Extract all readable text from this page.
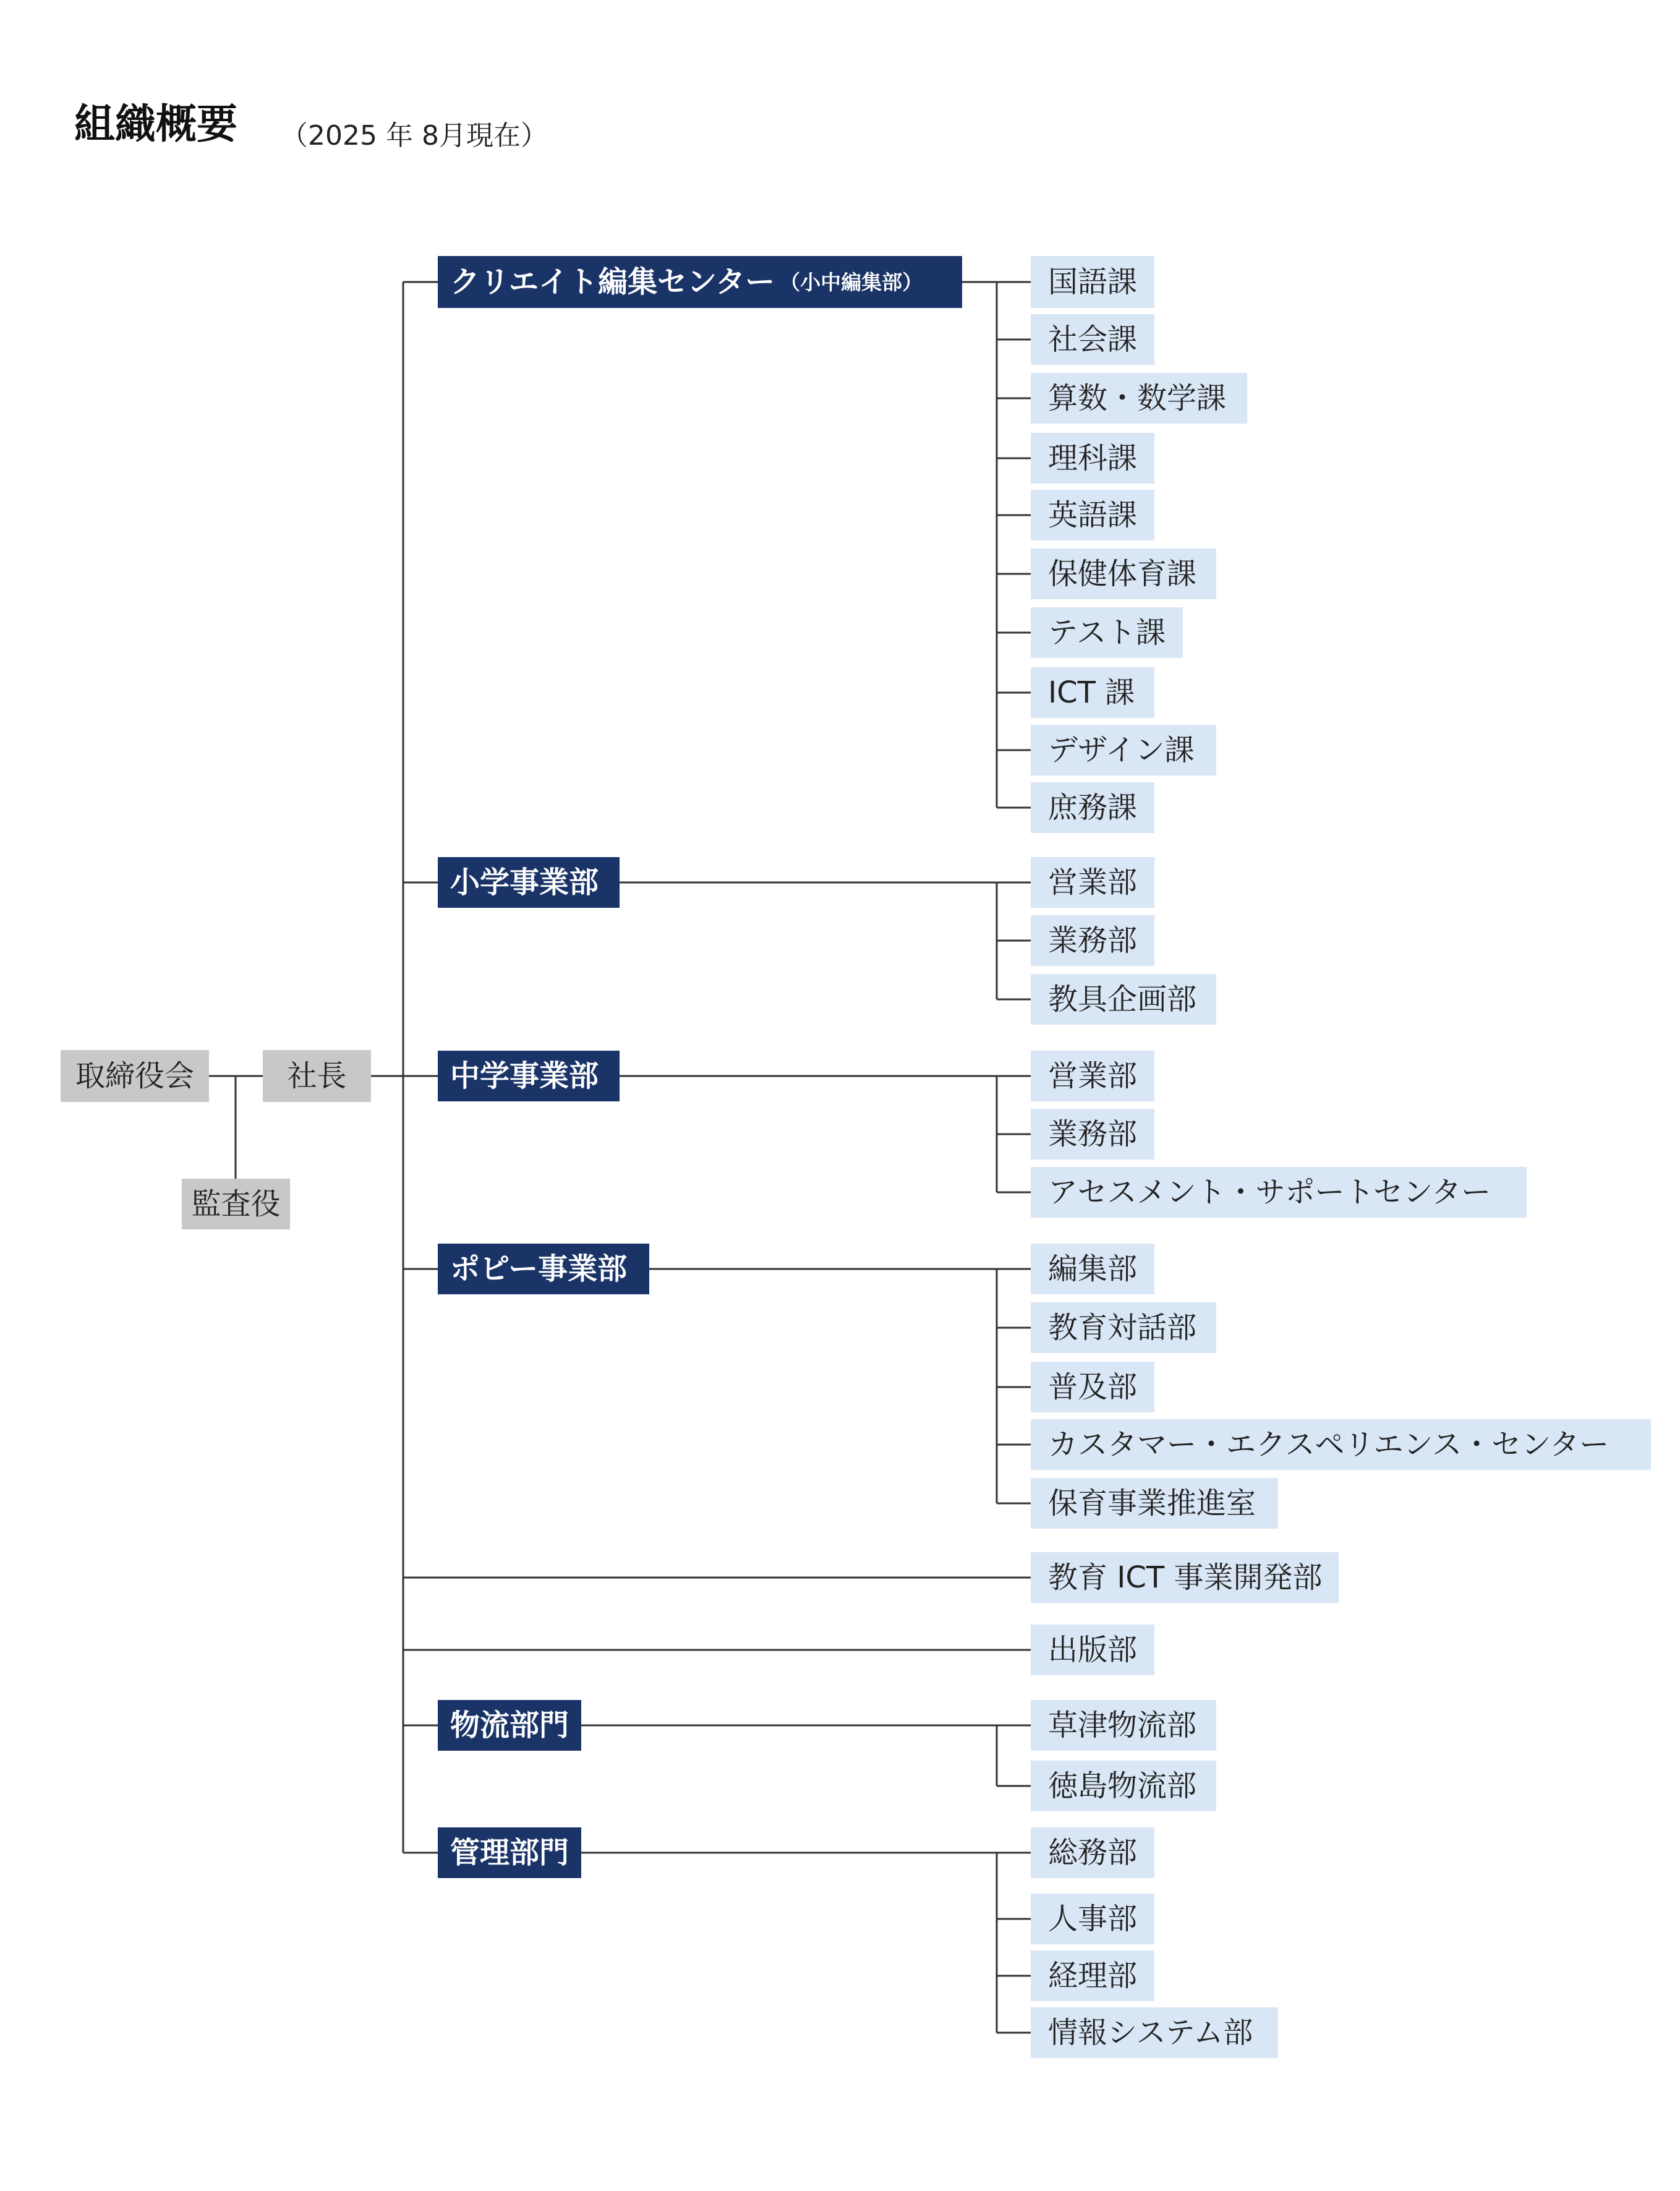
組織概要 （2025 年 8月現在）
取締役会	社長
監査役
クリエイト編集センター （小中編集部）
小学事業部
中学事業部
ポピー事業部
物流部門
管理部門
国語課
社会課
算数・数学課
理科課
英語課
保健体育課
テスト課
ICT 課
デザイン課
庶務課
営業部
業務部
教具企画部
営業部
業務部
アセスメント・サポートセンター
編集部
教育対話部
普及部
カスタマー・エクスペリエンス・センター
保育事業推進室
教育 ICT 事業開発部
出版部
草津物流部
徳島物流部
総務部
人事部
経理部
情報システム部
